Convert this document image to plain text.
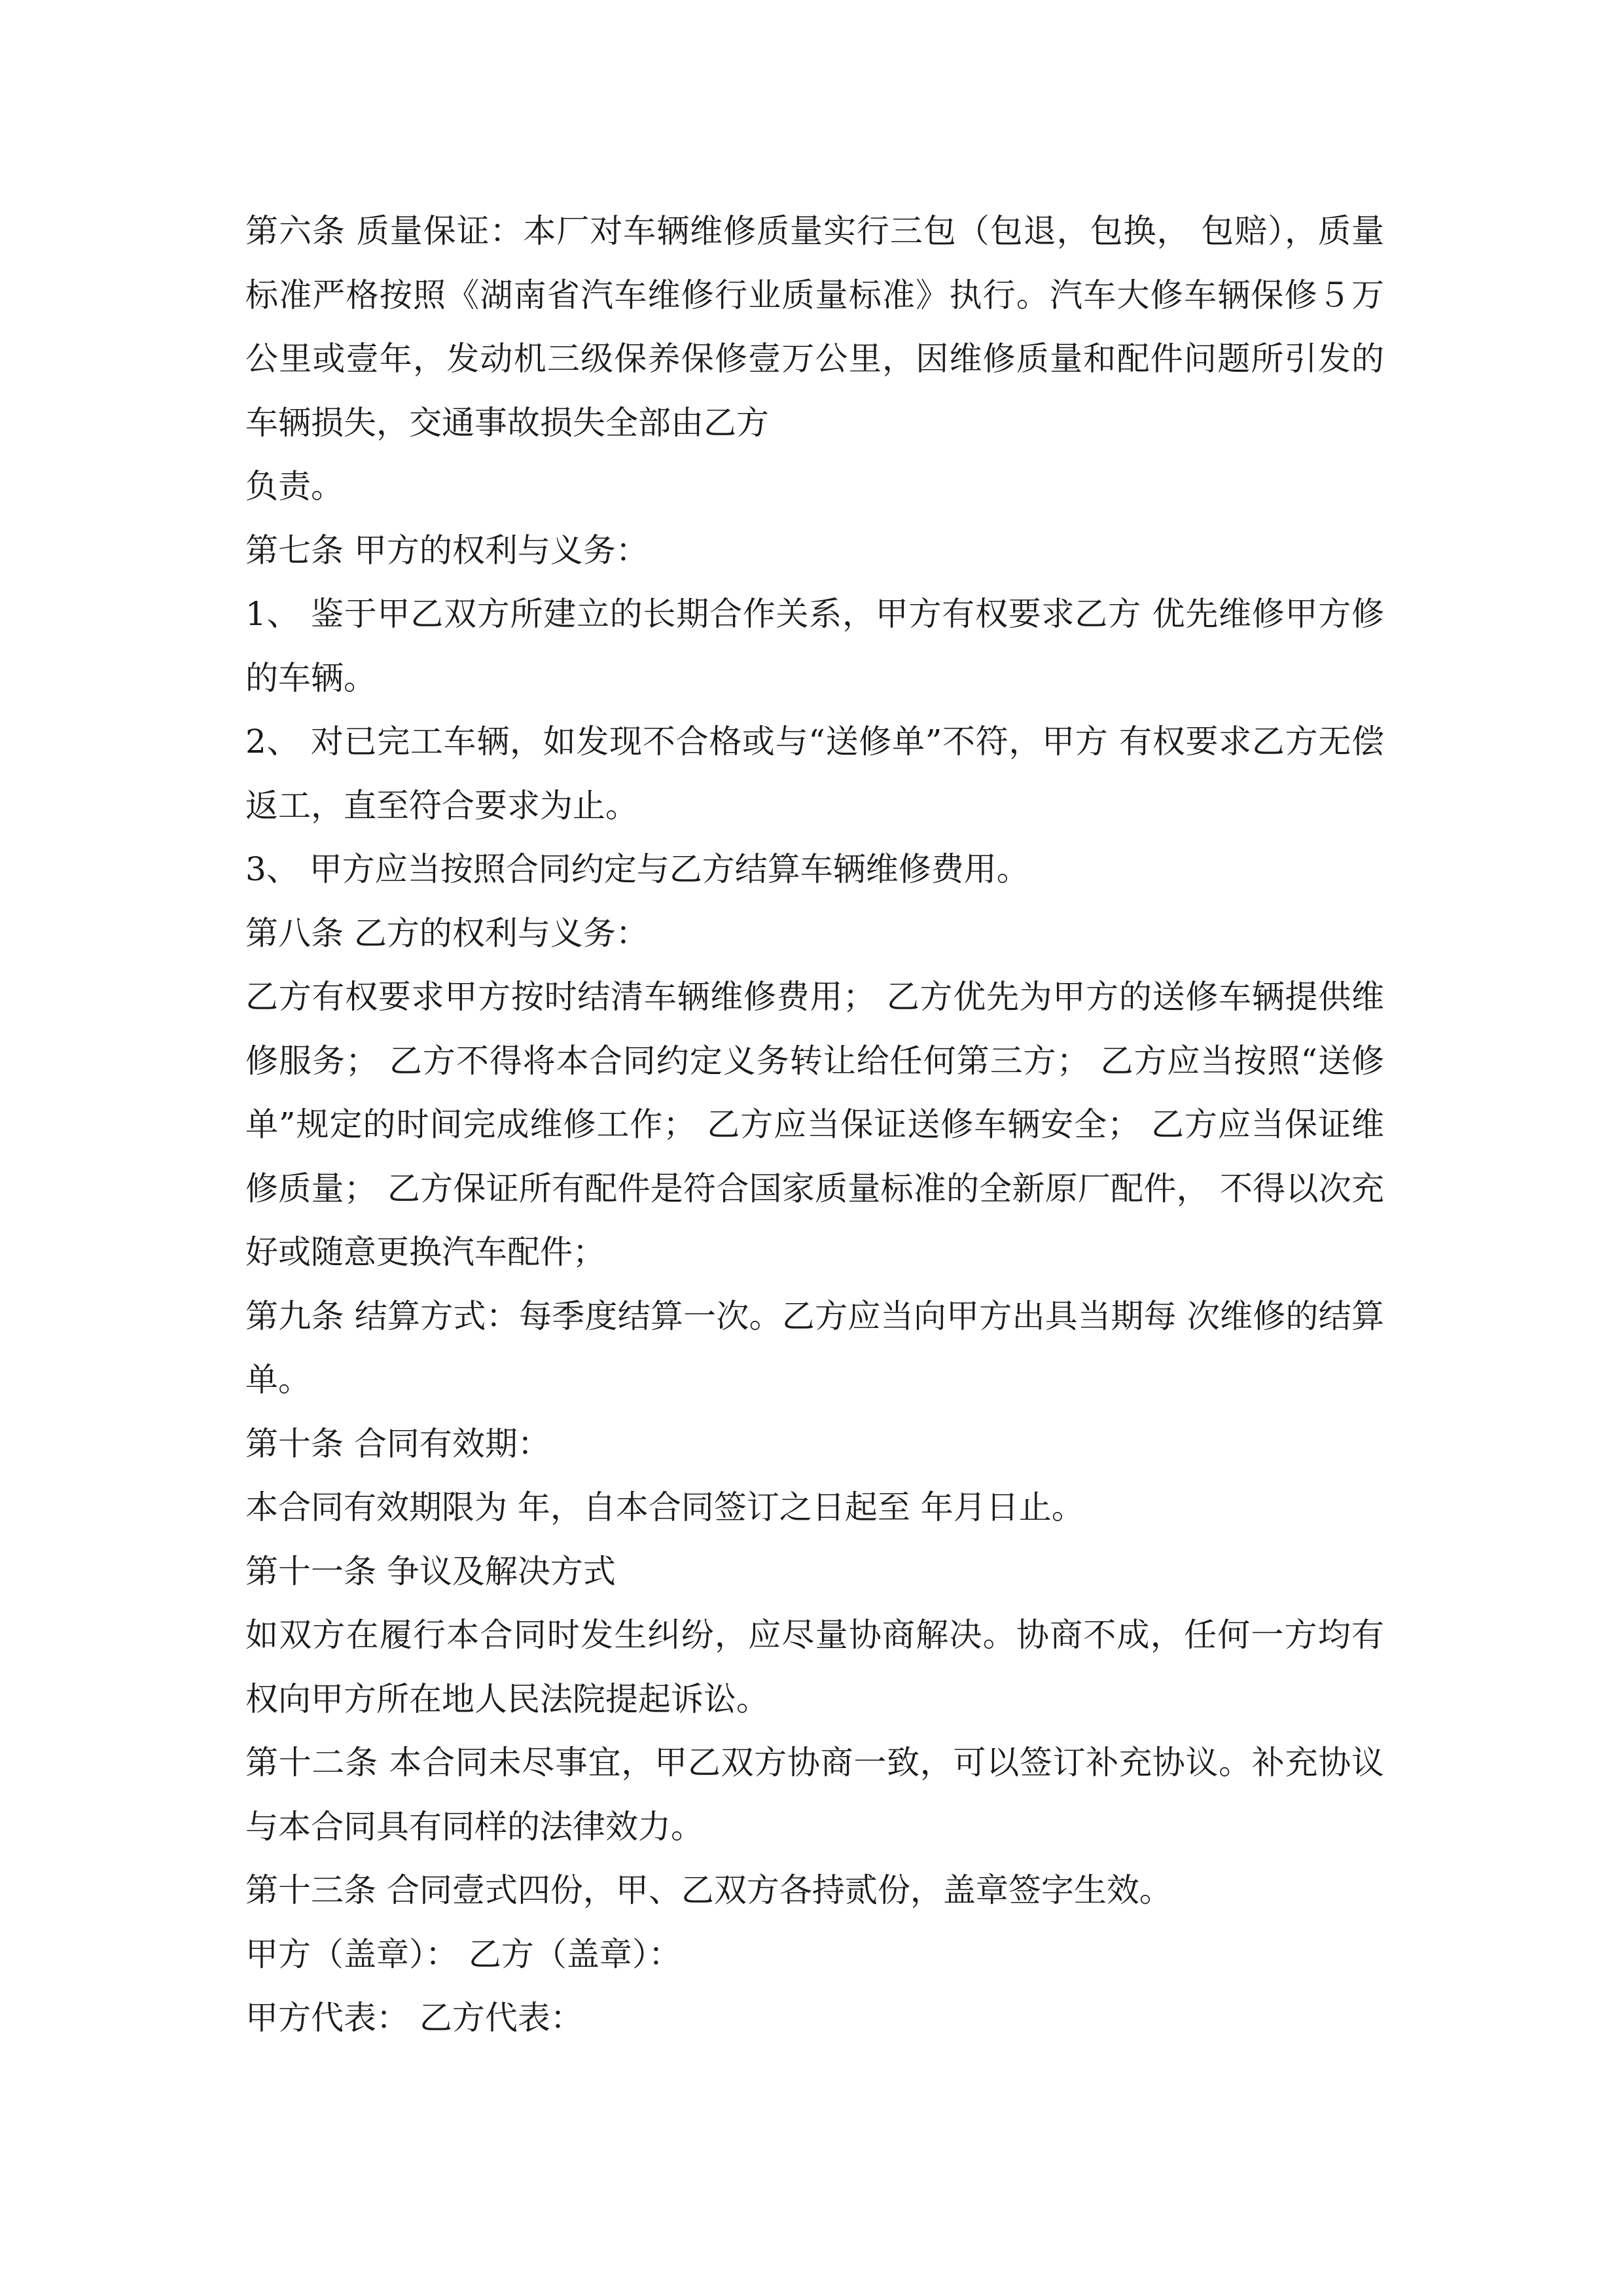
第六条 质量保证：本厂对车辆维修质量实行三包（包退，包换， 包赔），质量标准严格按照《湖南省汽车维修行业质量标准》执行。汽车大修车辆保修５万公里或壹年，发动机三级保养保修壹万公里，因维修质量和配件问题所引发的车辆损失，交通事故损失全部由乙方

负责。

第七条 甲方的权利与义务：

1、 鉴于甲乙双方所建立的长期合作关系，甲方有权要求乙方 优先维修甲方修的车辆。

2、 对已完工车辆，如发现不合格或与“送修单”不符，甲方 有权要求乙方无偿返工，直至符合要求为止。

3、 甲方应当按照合同约定与乙方结算车辆维修费用。

第八条 乙方的权利与义务：

乙方有权要求甲方按时结清车辆维修费用； 乙方优先为甲方的送修车辆提供维修服务； 乙方不得将本合同约定义务转让给任何第三方； 乙方应当按照“送修单”规定的时间完成维修工作； 乙方应当保证送修车辆安全； 乙方应当保证维修质量； 乙方保证所有配件是符合国家质量标准的全新原厂配件， 不得以次充好或随意更换汽车配件；

第九条 结算方式：每季度结算一次。乙方应当向甲方出具当期每 次维修的结算单。

第十条 合同有效期：

本合同有效期限为 年，自本合同签订之日起至 年月日止。

第十一条 争议及解决方式

如双方在履行本合同时发生纠纷，应尽量协商解决。协商不成，任何一方均有权向甲方所在地人民法院提起诉讼。

第十二条 本合同未尽事宜，甲乙双方协商一致，可以签订补充协议。补充协议与本合同具有同样的法律效力。

第十三条 合同壹式四份，甲、乙双方各持贰份，盖章签字生效。

甲方（盖章）： 乙方（盖章）：

甲方代表： 乙方代表：
